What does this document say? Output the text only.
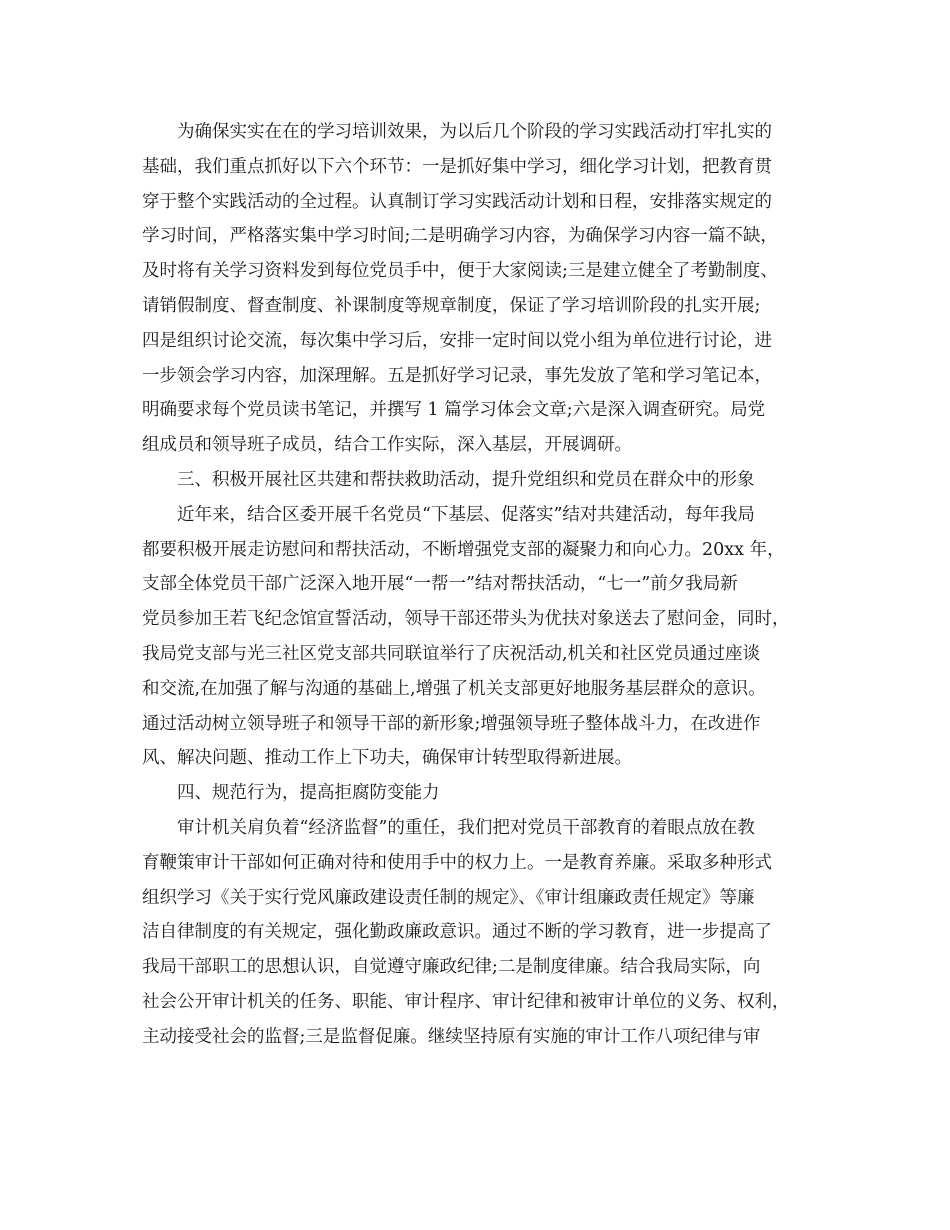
为确保实实在在的学习培训效果，为以后几个阶段的学习实践活动打牢扎实的
基础，我们重点抓好以下六个环节：一是抓好集中学习，细化学习计划，把教育贯
穿于整个实践活动的全过程。认真制订学习实践活动计划和日程，安排落实规定的
学习时间，严格落实集中学习时间;二是明确学习内容，为确保学习内容一篇不缺，
及时将有关学习资料发到每位党员手中，便于大家阅读;三是建立健全了考勤制度、
请销假制度、督查制度、补课制度等规章制度，保证了学习培训阶段的扎实开展;
四是组织讨论交流，每次集中学习后，安排一定时间以党小组为单位进行讨论，进
一步领会学习内容，加深理解。五是抓好学习记录，事先发放了笔和学习笔记本，
明确要求每个党员读书笔记，并撰写 1 篇学习体会文章;六是深入调查研究。局党
组成员和领导班子成员，结合工作实际，深入基层，开展调研。
三、积极开展社区共建和帮扶救助活动，提升党组织和党员在群众中的形象
近年来，结合区委开展千名党员“下基层、促落实”结对共建活动，每年我局
都要积极开展走访慰问和帮扶活动，不断增强党支部的凝聚力和向心力。20xx 年，
支部全体党员干部广泛深入地开展“一帮一”结对帮扶活动，“七一”前夕我局新
党员参加王若飞纪念馆宣誓活动，领导干部还带头为优扶对象送去了慰问金，同时，
我局党支部与光三社区党支部共同联谊举行了庆祝活动,机关和社区党员通过座谈
和交流,在加强了解与沟通的基础上,增强了机关支部更好地服务基层群众的意识。
通过活动树立领导班子和领导干部的新形象;增强领导班子整体战斗力，在改进作
风、解决问题、推动工作上下功夫，确保审计转型取得新进展。
四、规范行为，提高拒腐防变能力
审计机关肩负着“经济监督”的重任，我们把对党员干部教育的着眼点放在教
育鞭策审计干部如何正确对待和使用手中的权力上。一是教育养廉。采取多种形式
组织学习《关于实行党风廉政建设责任制的规定》、《审计组廉政责任规定》等廉
洁自律制度的有关规定，强化勤政廉政意识。通过不断的学习教育，进一步提高了
我局干部职工的思想认识，自觉遵守廉政纪律;二是制度律廉。结合我局实际，向
社会公开审计机关的任务、职能、审计程序、审计纪律和被审计单位的义务、权利，
主动接受社会的监督;三是监督促廉。继续坚持原有实施的审计工作八项纪律与审
